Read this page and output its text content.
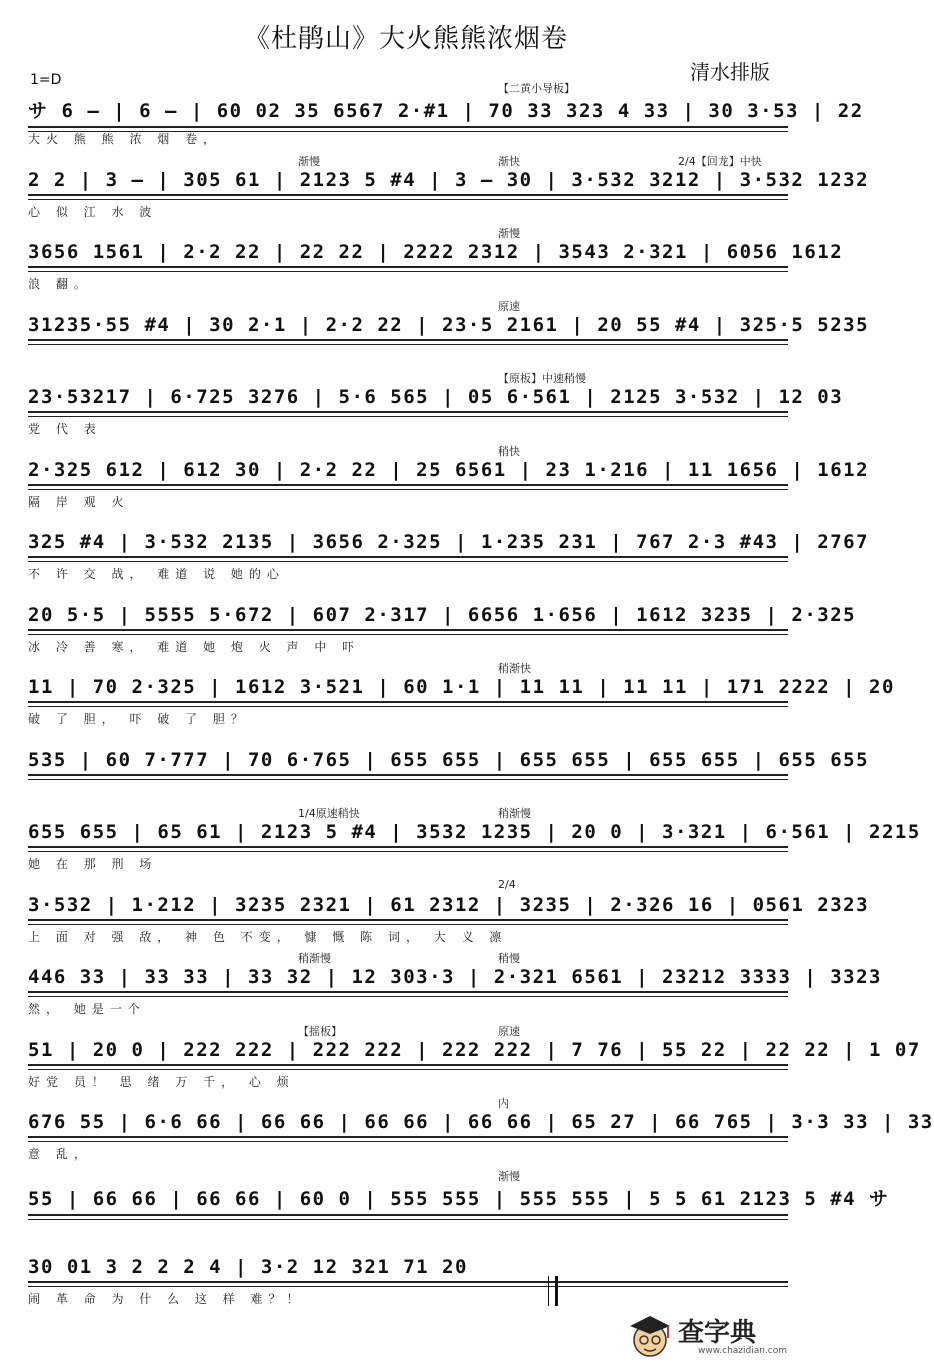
《杜鹃山》大火熊熊浓烟卷
清水排版
1=D
サ 6 — | 6 — | 60 02 35 6567 2·#1 | 70 33 323 4 33 | 30 3·53 | 22
大火 熊 熊 浓 烟 卷，
【二黄小导板】
2 2 | 3 — | 305 61 | 2123 5 #4 | 3 — 30 | 3·532 3212 | 3·532 1232
心 似 江 水 波
渐快
渐慢	2/4【回龙】中快
3656 1561 | 2·2 22 | 22 22 | 2222 2312 | 3543 2·321 | 6056 1612
浪 翻。
渐慢
31235·55 #4 | 30 2·1 | 2·2 22 | 23·5 2161 | 20 55 #4 | 325·5 5235
原速
23·53217 | 6·725 3276 | 5·6 565 | 05 6·561 | 2125 3·532 | 12 03
党 代 表
【原板】中速稍慢
2·325 612 | 612 30 | 2·2 22 | 25 6561 | 23 1·216 | 11 1656 | 1612
隔 岸 观 火
稍快
325 #4 | 3·532 2135 | 3656 2·325 | 1·235 231 | 767 2·3 #43 | 2767
不 许 交 战， 难道 说 她的心
20 5·5 | 5555 5·672 | 607 2·317 | 6656 1·656 | 1612 3235 | 2·325
冰 冷 善 寒， 难道 她 炮 火 声 中 吓
11 | 70 2·325 | 1612 3·521 | 60 1·1 | 11 11 | 11 11 | 171 2222 | 20
破 了 胆， 吓 破 了 胆？
稍渐快
535 | 60 7·777 | 70 6·765 | 655 655 | 655 655 | 655 655 | 655 655
655 655 | 65 61 | 2123 5 #4 | 3532 1235 | 20 0 | 3·321 | 6·561 | 2215
她 在 那 刑 场
稍渐慢
1/4原速稍快
3·532 | 1·212 | 3235 2321 | 61 2312 | 3235 | 2·326 16 | 0561 2323
上 面 对 强 敌， 神 色 不变， 慷 慨 陈 词， 大 义 凛
2/4
446 33 | 33 33 | 33 32 | 12 303·3 | 2·321 6561 | 23212 3333 | 3323
然， 她是一个
稍慢
稍渐慢
51 | 20 0 | 222 222 | 222 222 | 222 222 | 7 76 | 55 22 | 22 22 | 1 07
好党 员！ 思 绪 万 千， 心 烦
原速
【摇板】
676 55 | 6·6 66 | 66 66 | 66 66 | 66 66 | 65 27 | 66 765 | 3·3 33 | 33
意 乱，
内
55 | 66 66 | 66 66 | 60 0 | 555 555 | 555 555 | 5 5 61 2123 5 #4 サ
渐慢
30 01 3 2 2 2 4 | 3·2 12 321 71 20
闹 革 命 为 什 么 这 样 难？！
查字典
www.chazidian.com
